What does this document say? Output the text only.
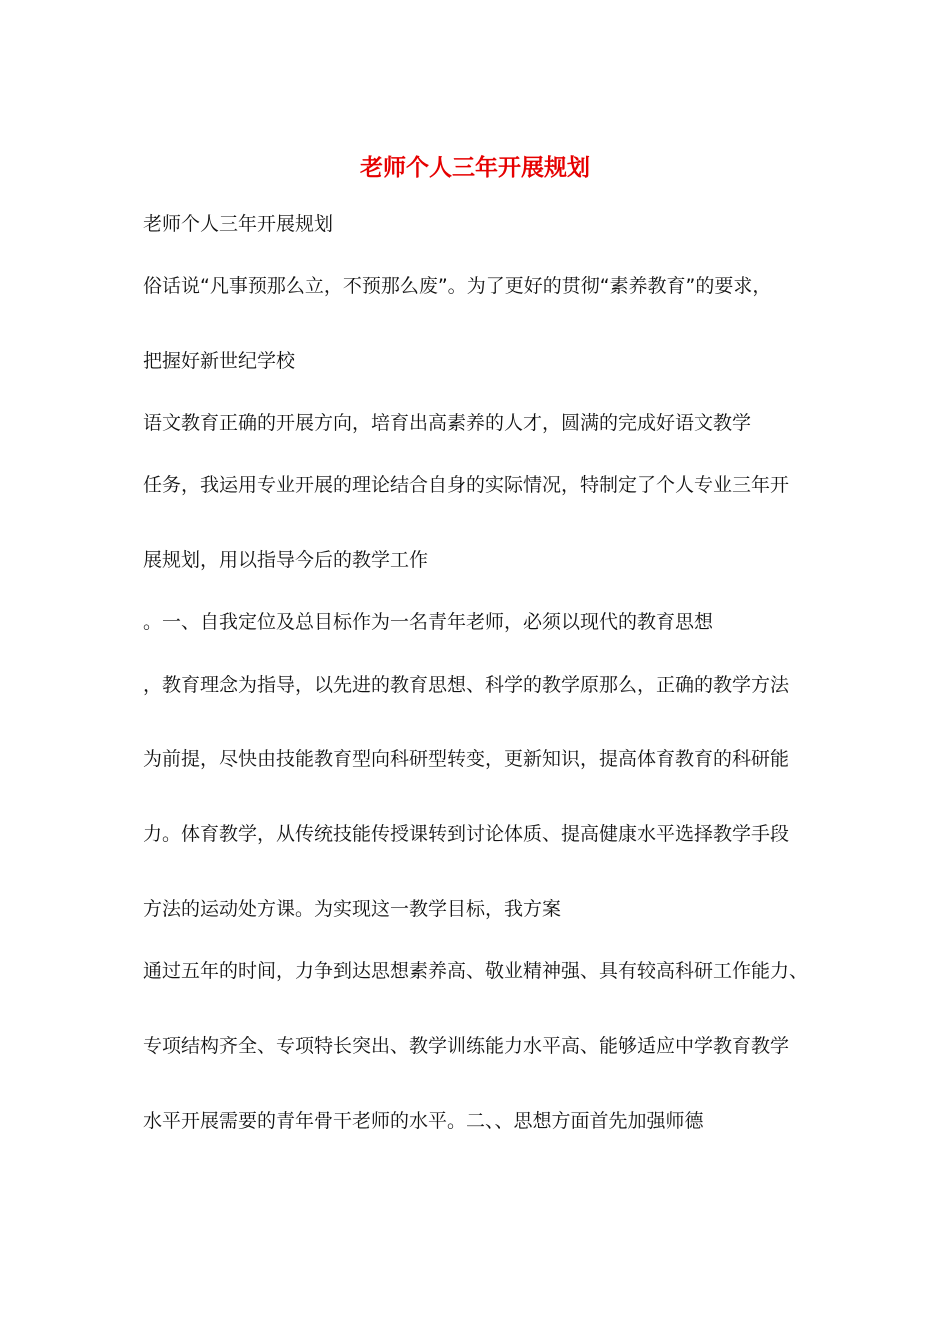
老师个人三年开展规划

老师个人三年开展规划

俗话说“凡事预那么立，不预那么废”。为了更好的贯彻“素养教育”的要求，

把握好新世纪学校

语文教育正确的开展方向，培育出高素养的人才，圆满的完成好语文教学

任务，我运用专业开展的理论结合自身的实际情况，特制定了个人专业三年开

展规划，用以指导今后的教学工作

。一、自我定位及总目标作为一名青年老师，必须以现代的教育思想

，教育理念为指导，以先进的教育思想、科学的教学原那么，正确的教学方法

为前提，尽快由技能教育型向科研型转变，更新知识，提高体育教育的科研能

力。体育教学，从传统技能传授课转到讨论体质、提高健康水平选择教学手段

方法的运动处方课。为实现这一教学目标，我方案

通过五年的时间，力争到达思想素养高、敬业精神强、具有较高科研工作能力、

专项结构齐全、专项特长突出、教学训练能力水平高、能够适应中学教育教学

水平开展需要的青年骨干老师的水平。二、、思想方面首先加强师德
